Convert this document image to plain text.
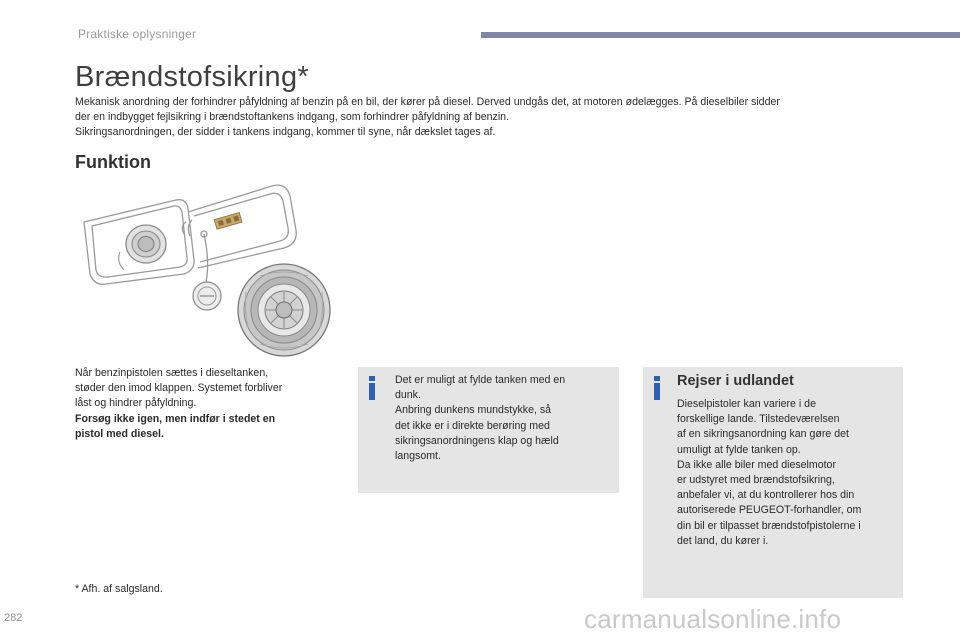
Praktiske oplysninger
Brændstofsikring*

Mekanisk anordning der forhindrer påfyldning af benzin på en bil, der kører på diesel. Derved undgås det, at motoren ødelægges. På dieselbiler sidder

der en indbygget fejlsikring i brændstoftankens indgang, som forhindrer påfyldning af benzin.

Sikringsanordningen, der sidder i tankens indgang, kommer til syne, når dækslet tages af.

Funktion

Når benzinpistolen sættes i dieseltanken,

støder den imod klappen. Systemet forbliver

låst og hindrer påfyldning.

Forsøg ikke igen, men indfør i stedet en

pistol med diesel.

Det er muligt at fylde tanken med en
dunk.
Anbring dunkens mundstykke, så
det ikke er i direkte berøring med
sikringsanordningens klap og hæld
langsomt.
Rejser i udlandet
Dieselpistoler kan variere i de
forskellige lande. Tilstedeværelsen
af en sikringsanordning kan gøre det
umuligt at fylde tanken op.
Da ikke alle biler med dieselmotor
er udstyret med brændstofsikring,
anbefaler vi, at du kontrollerer hos din
autoriserede PEUGEOT-forhandler, om
din bil er tilpasset brændstofpistolerne i
det land, du kører i.
* Afh. af salgsland.
282	carmanualsonline.info
